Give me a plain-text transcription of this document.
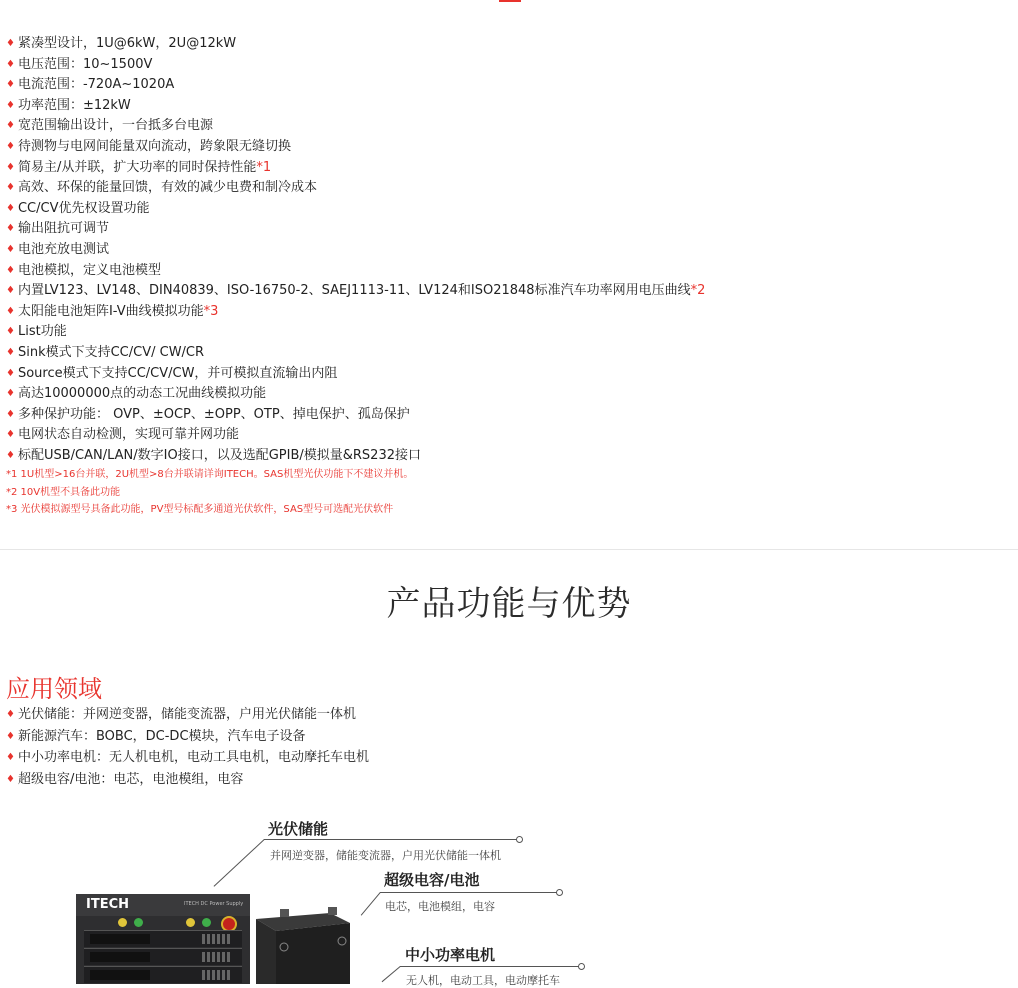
♦ 紧凑型设计，1U@6kW，2U@12kW
♦ 电压范围：10~1500V
♦ 电流范围：-720A~1020A
♦ 功率范围：±12kW
♦ 宽范围输出设计，一台抵多台电源
♦ 待测物与电网间能量双向流动，跨象限无缝切换
♦ 简易主/从并联，扩大功率的同时保持性能*1
♦ 高效、环保的能量回馈，有效的减少电费和制冷成本
♦ CC/CV优先权设置功能
♦ 输出阻抗可调节
♦ 电池充放电测试
♦ 电池模拟，定义电池模型
♦ 内置LV123、LV148、DIN40839、ISO-16750-2、SAEJ1113-11、LV124和ISO21848标准汽车功率网用电压曲线*2
♦ 太阳能电池矩阵I-V曲线模拟功能*3
♦ List功能
♦ Sink模式下支持CC/CV/ CW/CR
♦ Source模式下支持CC/CV/CW，并可模拟直流输出内阻
♦ 高达10000000点的动态工况曲线模拟功能
♦ 多种保护功能： OVP、±OCP、±OPP、OTP、掉电保护、孤岛保护
♦ 电网状态自动检测，实现可靠并网功能
♦ 标配USB/CAN/LAN/数字IO接口，以及选配GPIB/模拟量&RS232接口
*1 1U机型>16台并联，2U机型>8台并联请详询ITECH。SAS机型光伏功能下不建议并机。
*2 10V机型不具备此功能
*3 光伏模拟源型号具备此功能，PV型号标配多通道光伏软件，SAS型号可选配光伏软件
产品功能与优势
应用领域
♦ 光伏储能：并网逆变器，储能变流器，户用光伏储能一体机
♦ 新能源汽车：BOBC，DC-DC模块，汽车电子设备
♦ 中小功率电机：无人机电机，电动工具电机，电动摩托车电机
♦ 超级电容/电池：电芯，电池模组，电容
光伏储能
并网逆变器，储能变流器，户用光伏储能一体机
超级电容/电池
电芯，电池模组，电容
中小功率电机
无人机，电动工具，电动摩托车
ITECH	ITECH DC Power Supply
